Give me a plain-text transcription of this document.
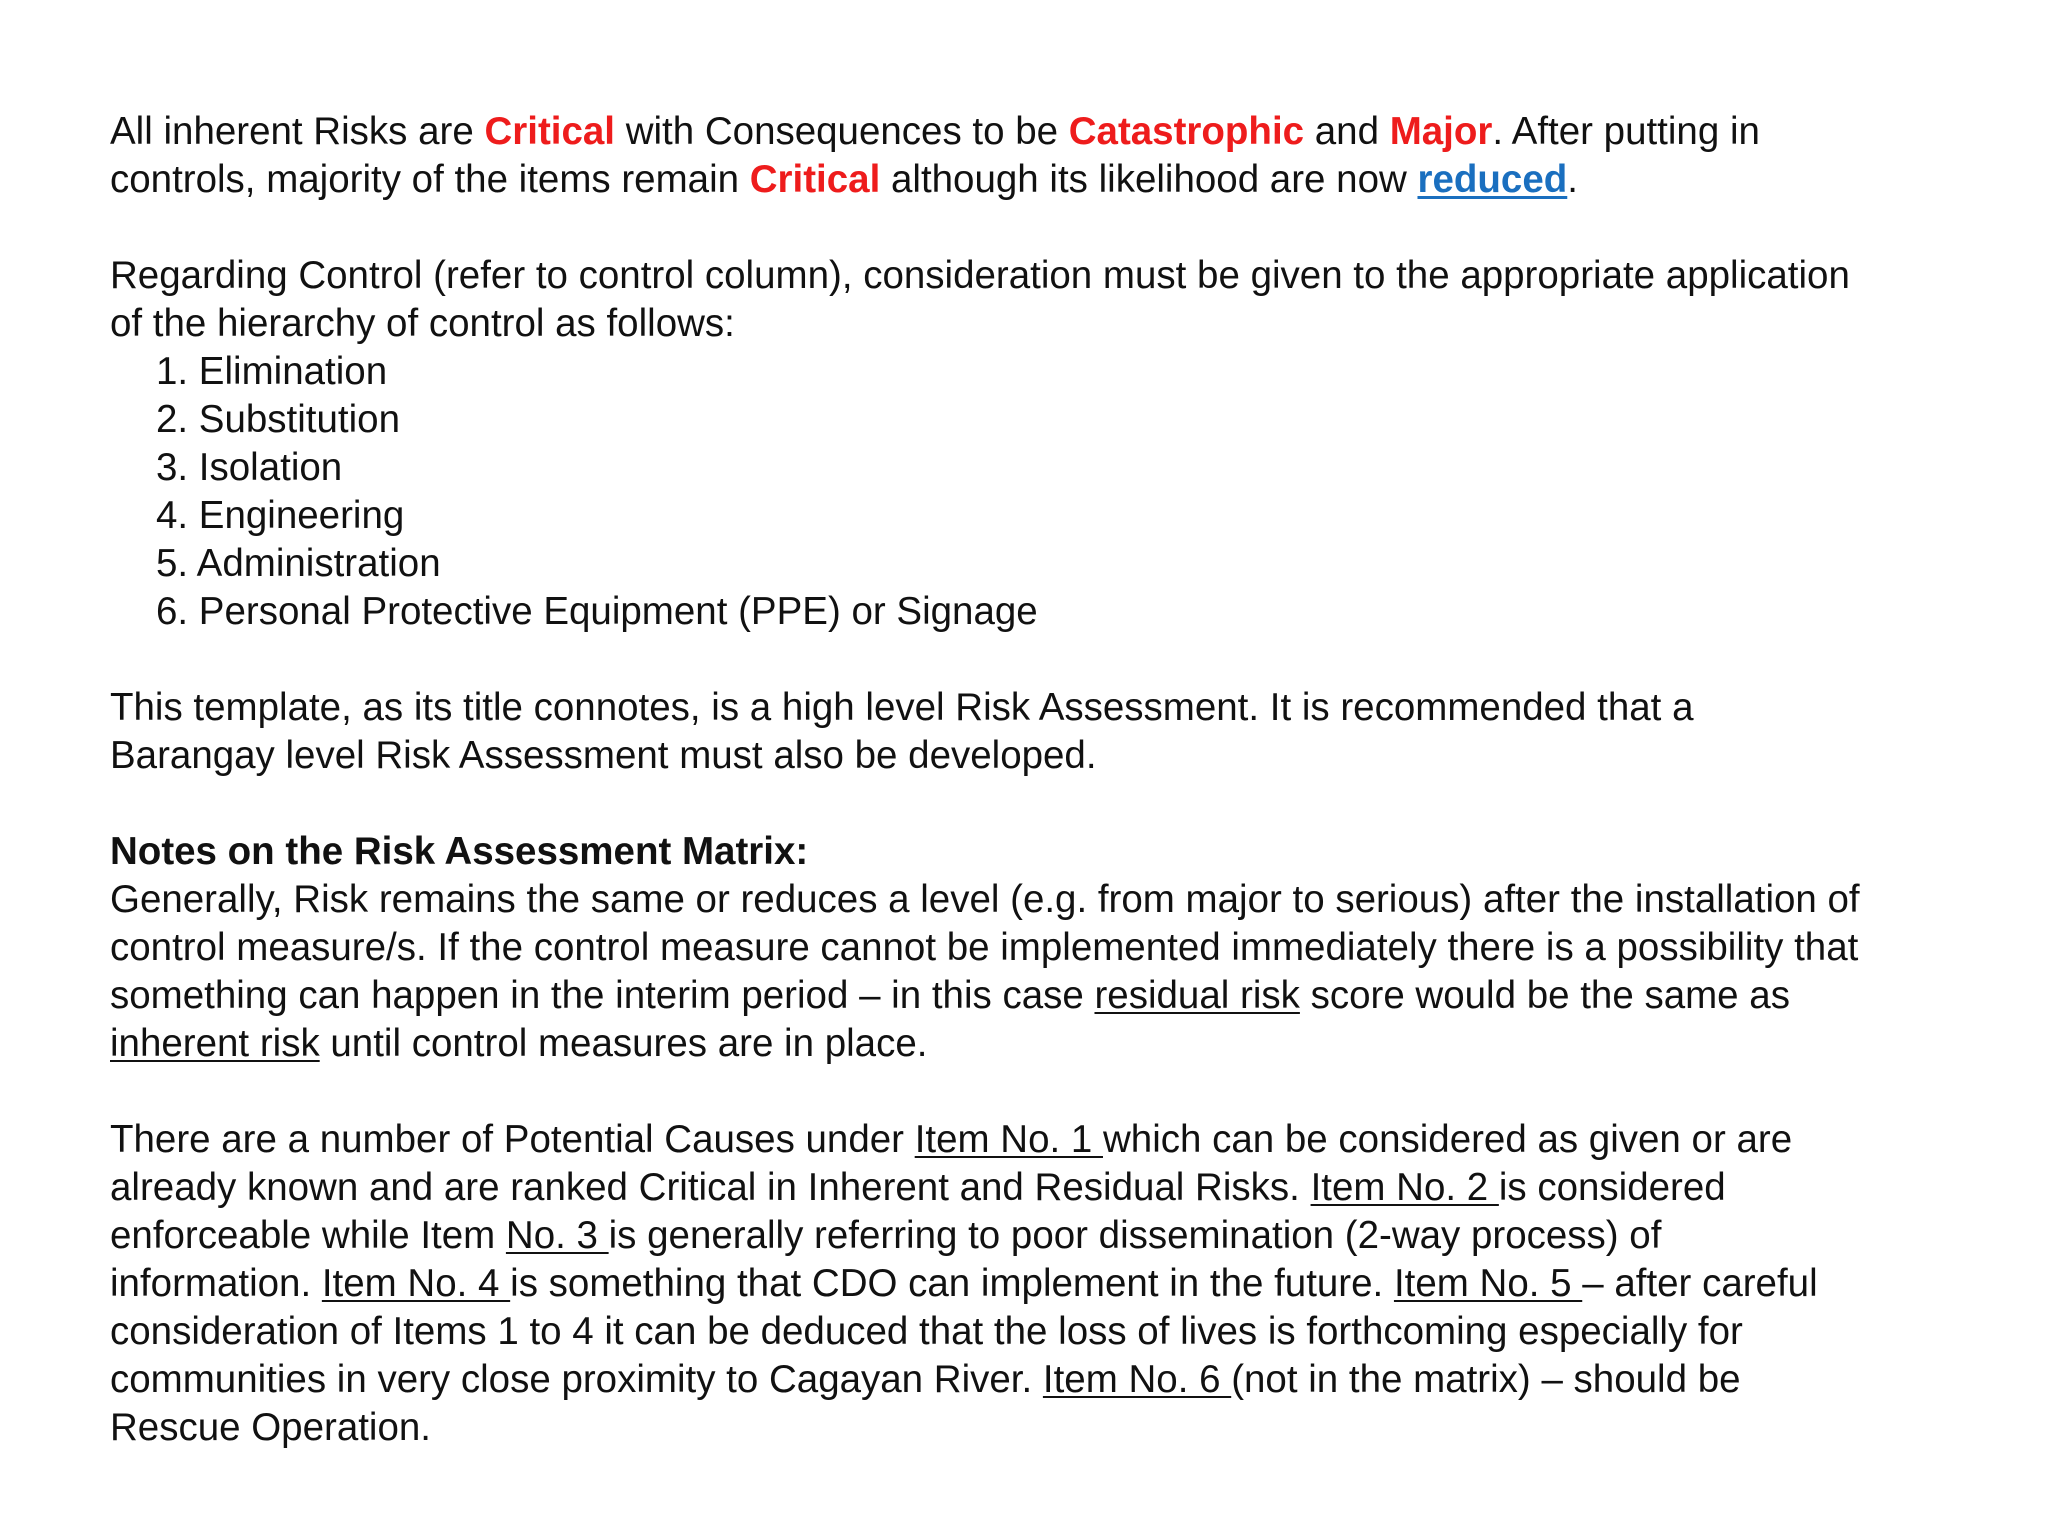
All inherent Risks are Critical with Consequences to be Catastrophic and Major. After putting in
controls, majority of the items remain Critical although its likelihood are now reduced.

Regarding Control (refer to control column), consideration must be given to the appropriate application
of the hierarchy of control as follows:

1. Elimination
2. Substitution
3. Isolation
4. Engineering
5. Administration
6. Personal Protective Equipment (PPE) or Signage

This template, as its title connotes, is a high level Risk Assessment. It is recommended that a
Barangay level Risk Assessment must also be developed.

Notes on the Risk Assessment Matrix:
Generally, Risk remains the same or reduces a level (e.g. from major to serious) after the installation of
control measure/s. If the control measure cannot be implemented immediately there is a possibility that
something can happen in the interim period – in this case residual risk score would be the same as
inherent risk until control measures are in place.

There are a number of Potential Causes under Item No. 1 which can be considered as given or are
already known and are ranked Critical in Inherent and Residual Risks. Item No. 2 is considered
enforceable while Item No. 3 is generally referring to poor dissemination (2-way process) of
information. Item No. 4 is something that CDO can implement in the future. Item No. 5 – after careful
consideration of Items 1 to 4 it can be deduced that the loss of lives is forthcoming especially for
communities in very close proximity to Cagayan River. Item No. 6 (not in the matrix) – should be
Rescue Operation.
